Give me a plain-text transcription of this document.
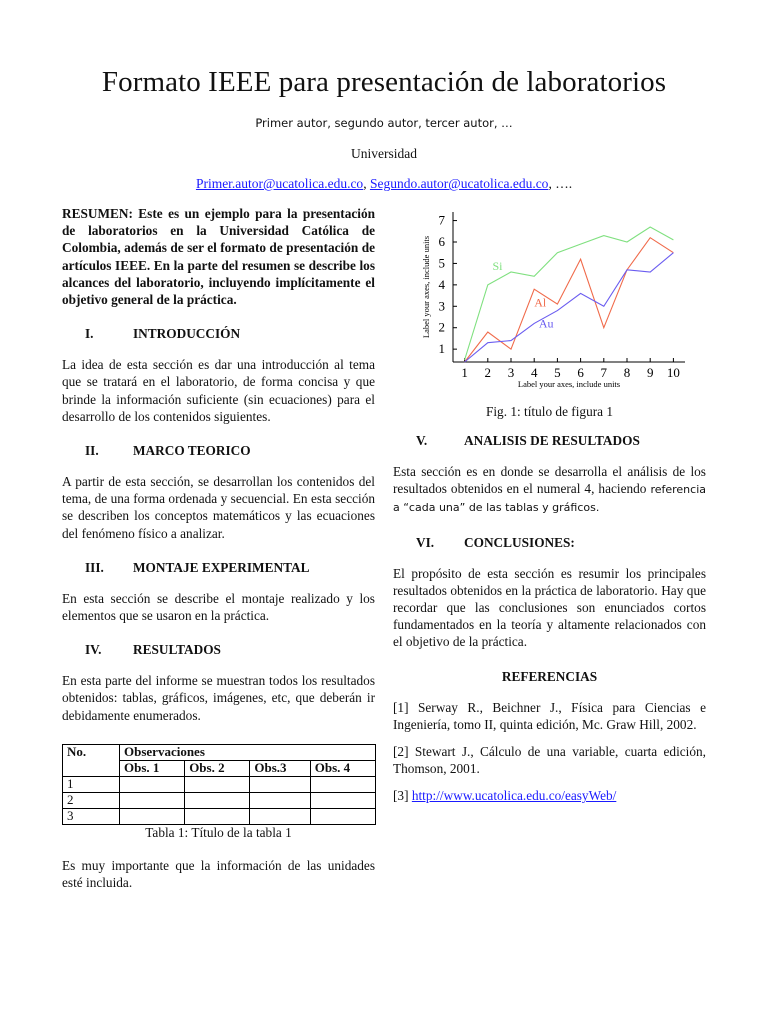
Formato IEEE para presentación de laboratorios
Primer autor, segundo autor, tercer autor, …
Universidad
Primer.autor@ucatolica.edu.co, Segundo.autor@ucatolica.edu.co, ….

RESUMEN: Este es un ejemplo para la presentación de laboratorios en la Universidad Católica de Colombia, además de ser el formato de presentación de artículos IEEE. En la parte del resumen se describe los alcances del laboratorio, incluyendo implícitamente el objetivo general de la práctica.

I.	INTRODUCCIÓN

La idea de esta sección es dar una introducción al tema que se tratará en el laboratorio, de forma concisa y que brinde la información suficiente (sin ecuaciones) para el desarrollo de los contenidos siguientes.

II.	MARCO TEORICO

A partir de esta sección, se desarrollan los contenidos del tema, de una forma ordenada y secuencial. En esta sección se describen los conceptos matemáticos y las ecuaciones del fenómeno físico a analizar.

III.	MONTAJE EXPERIMENTAL

En esta sección se describe el montaje realizado y los elementos que se usaron en la práctica.

IV.	RESULTADOS

En esta parte del informe se muestran todos los resultados obtenidos: tablas, gráficos, imágenes, etc, que deberán ir debidamente enumerados.

No.	Observaciones			
	Obs. 1	Obs. 2	Obs.3	Obs. 4
1				
2				
3				
Tabla 1: Título de la tabla 1

Es muy importante que la información de las unidades esté incluida.

1
2
3
4
5
6
7
1 2 3 4 5 6 7 8 9 10
Label your axes, include units
Label your axes, include units	Si
Al
Au
Fig. 1: título de figura 1
V.	ANALISIS DE RESULTADOS

Esta sección es en donde se desarrolla el análisis de los resultados obtenidos en el numeral 4, haciendo referencia a “cada una” de las tablas y gráficos.

VI.	CONCLUSIONES:

El propósito de esta sección es resumir los principales resultados obtenidos en la práctica de laboratorio. Hay que recordar que las conclusiones son enunciados cortos fundamentados en la teoría y altamente relacionados con el objetivo de la práctica.

REFERENCIAS

[1] Serway R., Beichner J., Física para Ciencias e Ingeniería, tomo II, quinta edición, Mc. Graw Hill, 2002.

[2] Stewart J., Cálculo de una variable, cuarta edición, Thomson, 2001.

[3] http://www.ucatolica.edu.co/easyWeb/
